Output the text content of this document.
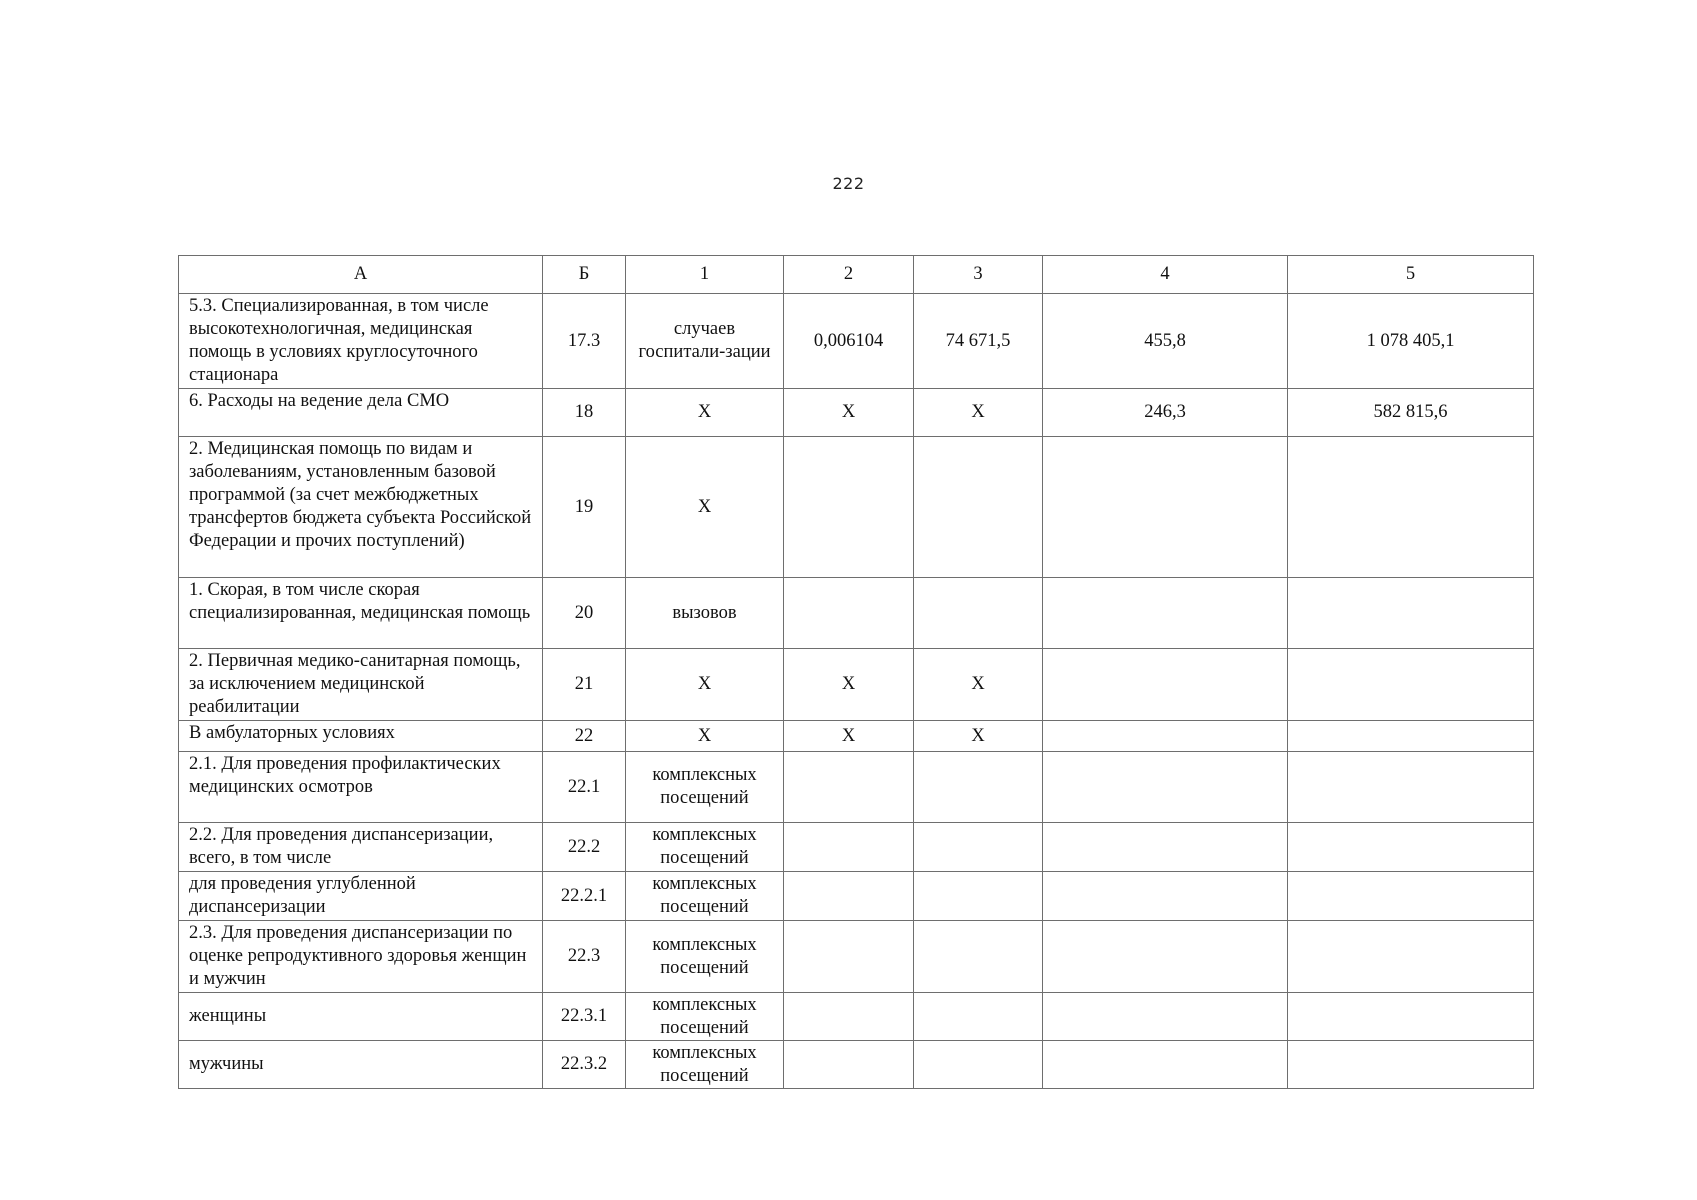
222
А	Б	1	2	3	4	5
5.3. Специализированная, в том числе высокотехнологичная, медицинская помощь в условиях круглосуточного стационара	17.3	случаев госпитали-зации	0,006104	74 671,5	455,8	1 078 405,1
6. Расходы на ведение дела СМО	18	X	X	X	246,3	582 815,6
2. Медицинская помощь по видам и заболеваниям, установленным базовой программой (за счет межбюджетных трансфертов бюджета субъекта Российской Федерации и прочих поступлений)	19	X				
1. Скорая, в том числе скорая специализированная, медицинская помощь	20	вызовов				
2. Первичная медико-санитарная помощь, за исключением медицинской реабилитации	21	X	X	X		
В амбулаторных условиях	22	X	X	X		
2.1. Для проведения профилактических медицинских осмотров	22.1	комплексных посещений				
2.2. Для проведения диспансеризации, всего, в том числе	22.2	комплексных посещений				
для проведения углубленной диспансеризации	22.2.1	комплексных посещений				
2.3. Для проведения диспансеризации по оценке репродуктивного здоровья женщин и мужчин	22.3	комплексных посещений				
женщины	22.3.1	комплексных посещений				
мужчины	22.3.2	комплексных посещений				
